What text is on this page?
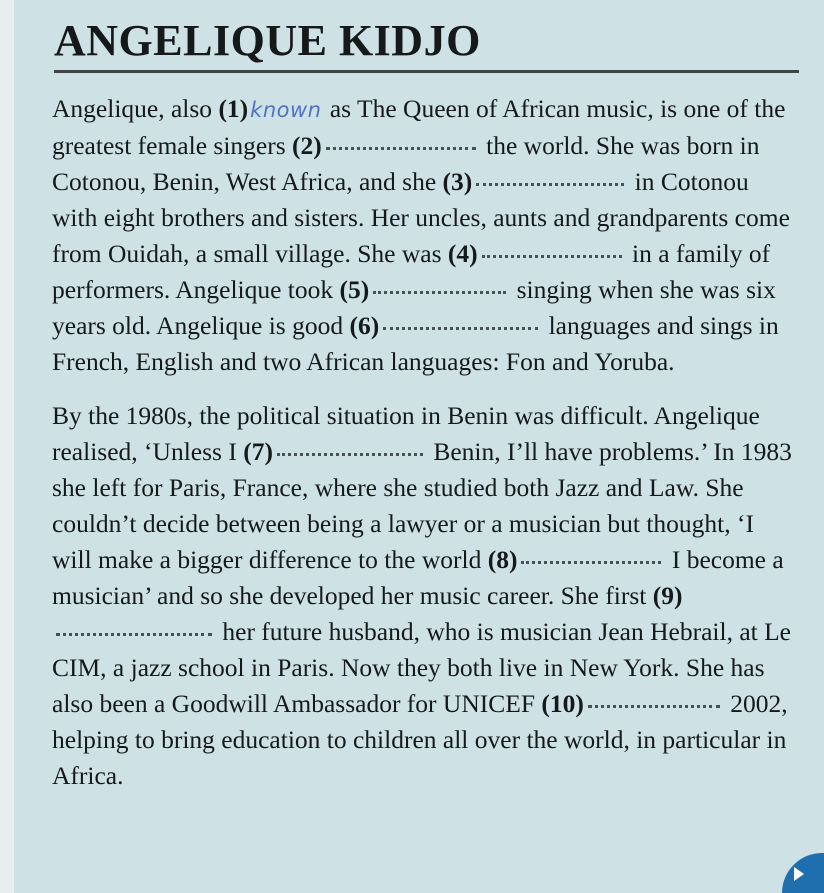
ANGELIQUE KIDJO

Angelique, also (1)known as The Queen of African music, is one of the greatest female singers (2)	the world. She was born in Cotonou, Benin, West Africa, and she (3)	in Cotonou with eight brothers and sisters. Her uncles, aunts and grandparents come from Ouidah, a small village. She was (4)	in a family of performers. Angelique took (5)	singing when she was six years old. Angelique is good (6)	languages and sings in French, English and two African languages: Fon and Yoruba.

By the 1980s, the political situation in Benin was difficult. Angelique realised, ‘Unless I (7)	Benin, I’ll have problems.’ In 1983 she left for Paris, France, where she studied both Jazz and Law. She couldn’t decide between being a lawyer or a musician but thought, ‘I will make a bigger difference to the world (8)	I become a musician’ and so she developed her music career. She first (9) her future husband, who is musician Jean Hebrail, at Le CIM, a jazz school in Paris. Now they both live in New York. She has also been a Goodwill Ambassador for UNICEF (10)	2002, helping to bring education to children all over the world, in particular in Africa.
